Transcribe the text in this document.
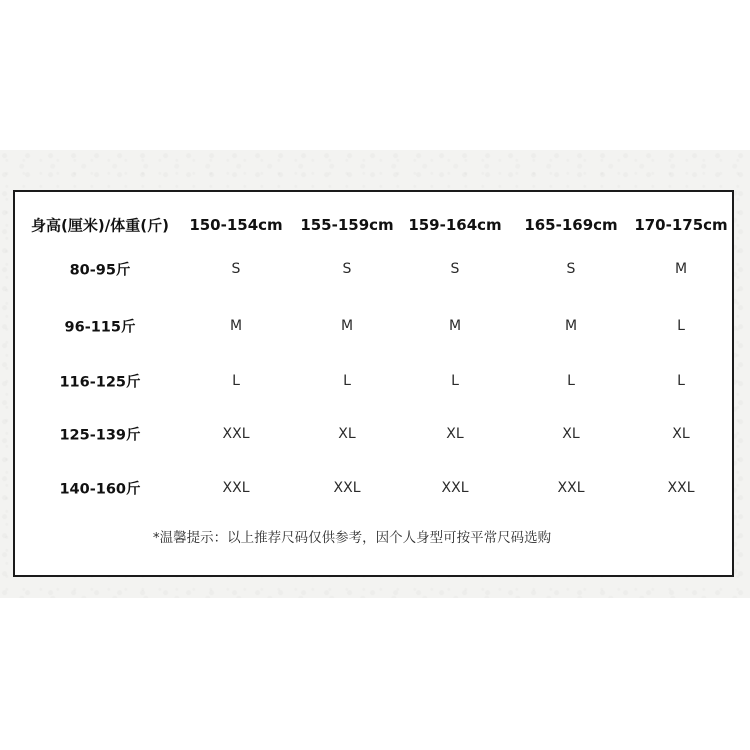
身高(厘米)/体重(斤) 150-154cm 155-159cm 159-164cm 165-169cm 170-175cm
80-95斤	S	S	S	S	M
96-115斤	M	M	M	M	L
116-125斤	L	L	L	L	L
125-139斤	XXL	XL	XL	XL	XL
140-160斤	XXL	XXL	XXL	XXL	XXL
*温馨提示：以上推荐尺码仅供参考，因个人身型可按平常尺码选购
